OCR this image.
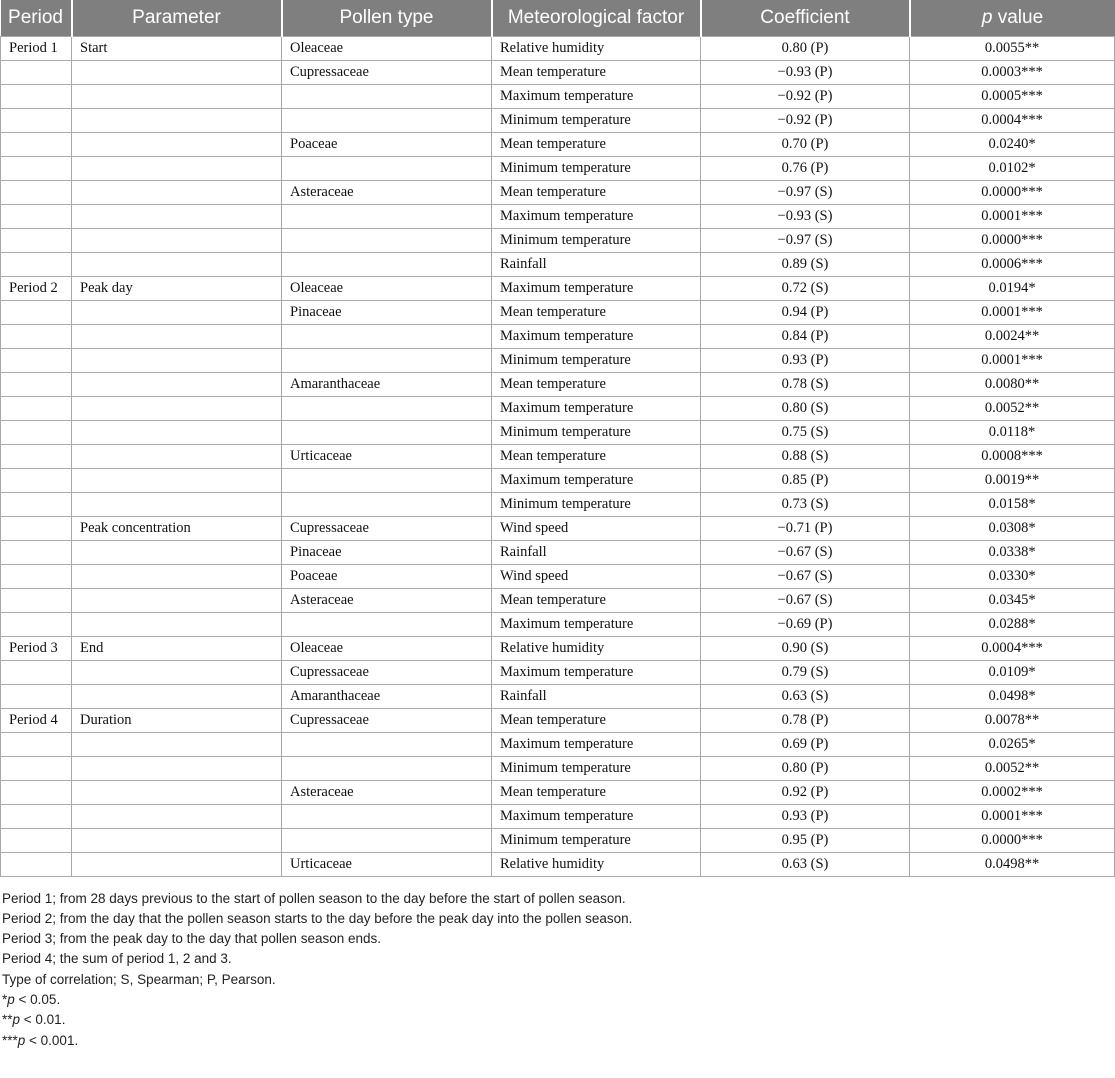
Period	Parameter	Pollen type	Meteorological factor	Coefficient	p value
Period 1	Start	Oleaceae	Relative humidity	0.80 (P)	0.0055**
		Cupressaceae	Mean temperature	−0.93 (P)	0.0003***
			Maximum temperature	−0.92 (P)	0.0005***
			Minimum temperature	−0.92 (P)	0.0004***
		Poaceae	Mean temperature	0.70 (P)	0.0240*
			Minimum temperature	0.76 (P)	0.0102*
		Asteraceae	Mean temperature	−0.97 (S)	0.0000***
			Maximum temperature	−0.93 (S)	0.0001***
			Minimum temperature	−0.97 (S)	0.0000***
			Rainfall	0.89 (S)	0.0006***
Period 2	Peak day	Oleaceae	Maximum temperature	0.72 (S)	0.0194*
		Pinaceae	Mean temperature	0.94 (P)	0.0001***
			Maximum temperature	0.84 (P)	0.0024**
			Minimum temperature	0.93 (P)	0.0001***
		Amaranthaceae	Mean temperature	0.78 (S)	0.0080**
			Maximum temperature	0.80 (S)	0.0052**
			Minimum temperature	0.75 (S)	0.0118*
		Urticaceae	Mean temperature	0.88 (S)	0.0008***
			Maximum temperature	0.85 (P)	0.0019**
			Minimum temperature	0.73 (S)	0.0158*
	Peak concentration	Cupressaceae	Wind speed	−0.71 (P)	0.0308*
		Pinaceae	Rainfall	−0.67 (S)	0.0338*
		Poaceae	Wind speed	−0.67 (S)	0.0330*
		Asteraceae	Mean temperature	−0.67 (S)	0.0345*
			Maximum temperature	−0.69 (P)	0.0288*
Period 3	End	Oleaceae	Relative humidity	0.90 (S)	0.0004***
		Cupressaceae	Maximum temperature	0.79 (S)	0.0109*
		Amaranthaceae	Rainfall	0.63 (S)	0.0498*
Period 4	Duration	Cupressaceae	Mean temperature	0.78 (P)	0.0078**
			Maximum temperature	0.69 (P)	0.0265*
			Minimum temperature	0.80 (P)	0.0052**
		Asteraceae	Mean temperature	0.92 (P)	0.0002***
			Maximum temperature	0.93 (P)	0.0001***
			Minimum temperature	0.95 (P)	0.0000***
		Urticaceae	Relative humidity	0.63 (S)	0.0498**
Period 1; from 28 days previous to the start of pollen season to the day before the start of pollen season.
Period 2; from the day that the pollen season starts to the day before the peak day into the pollen season.
Period 3; from the peak day to the day that pollen season ends.
Period 4; the sum of period 1, 2 and 3.
Type of correlation; S, Spearman; P, Pearson.
*p < 0.05.
**p < 0.01.
***p < 0.001.
